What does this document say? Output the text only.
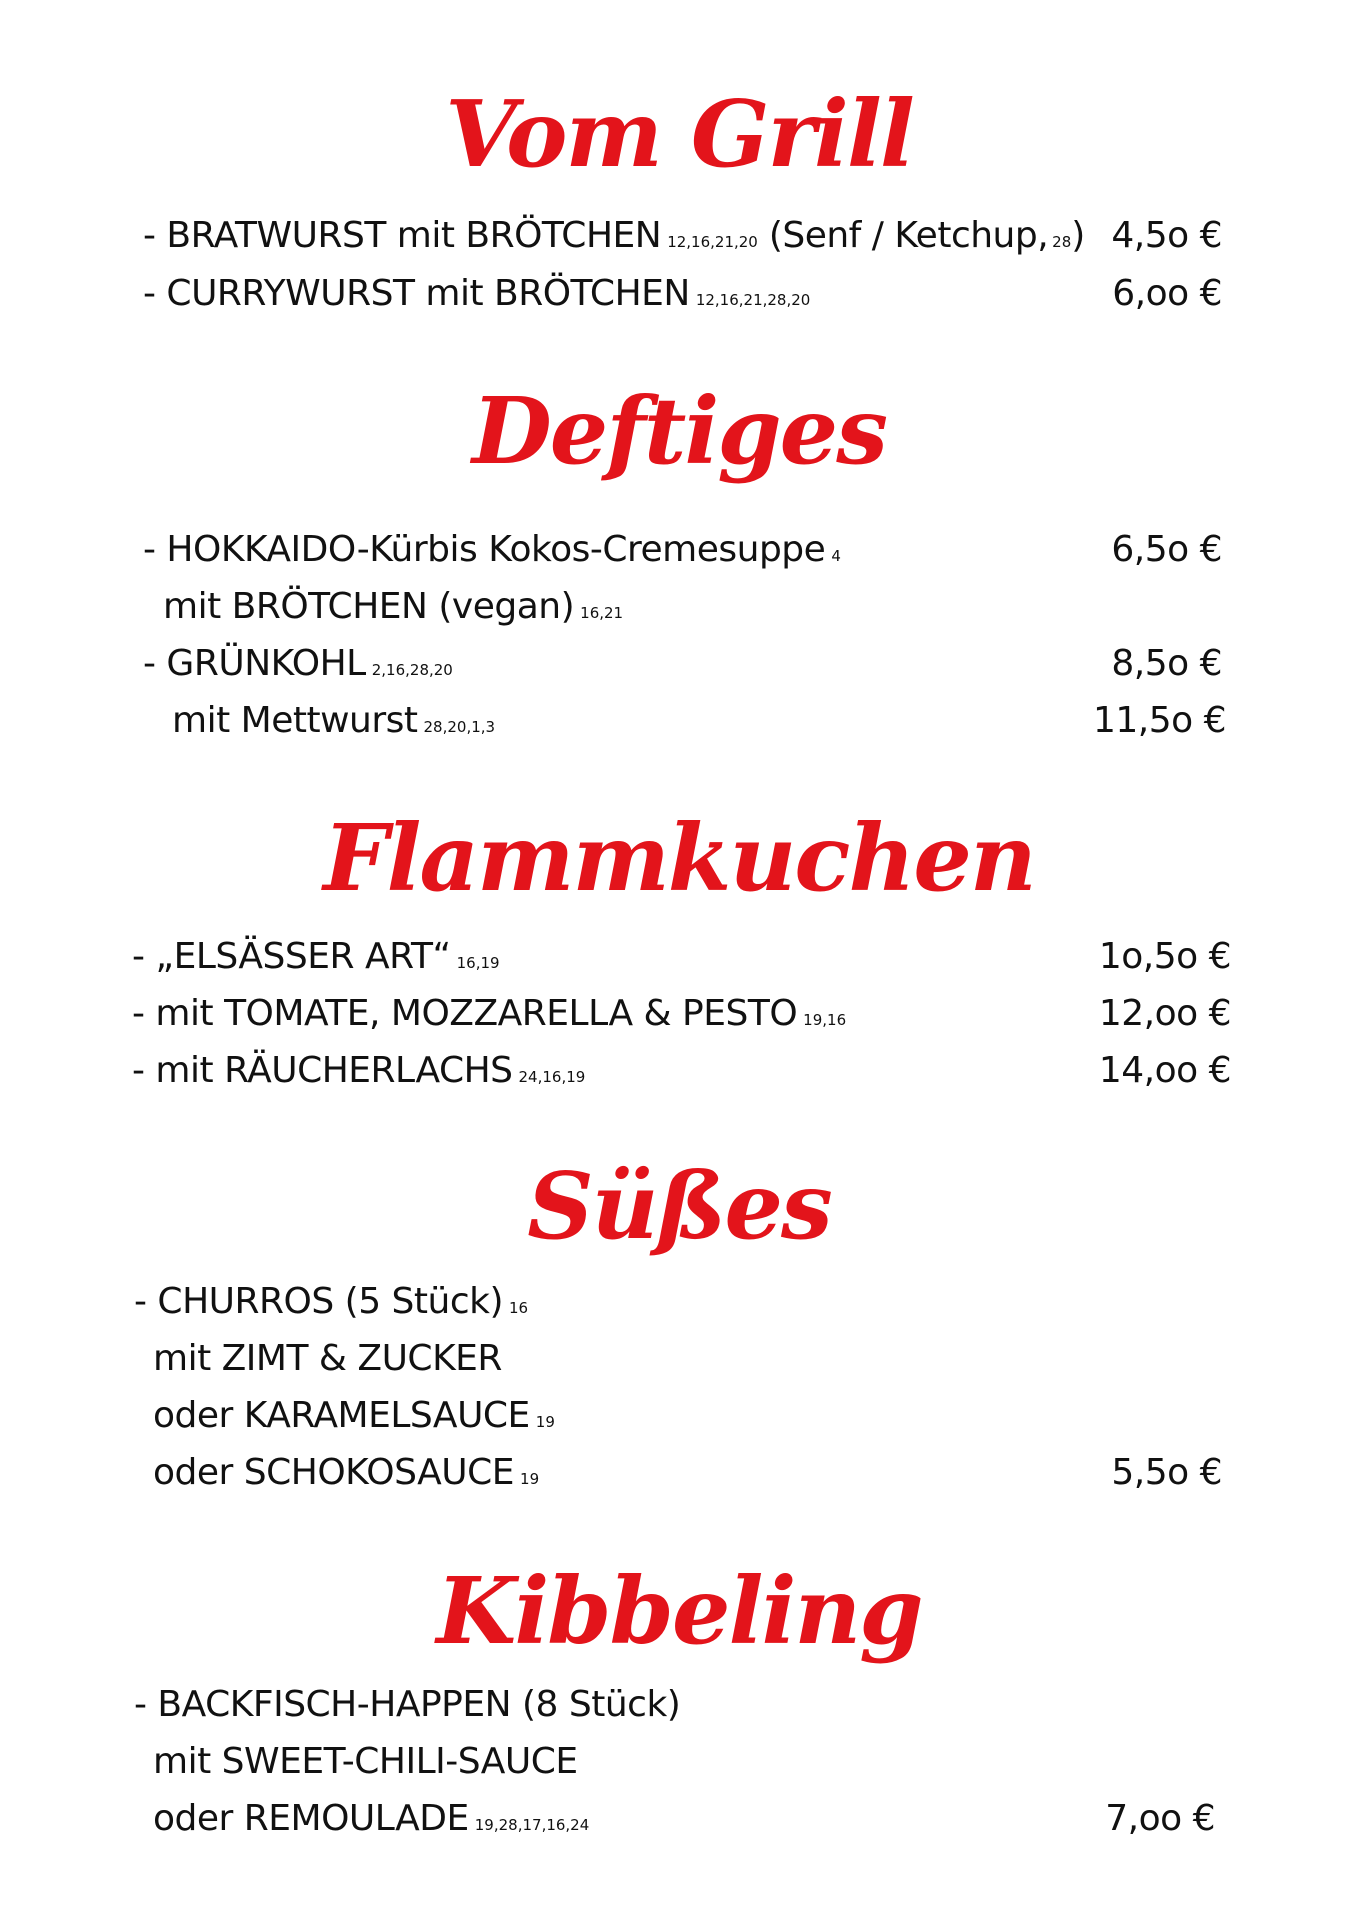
Vom Grill
- BRATWURST mit BRÖTCHEN 12,16,21,20 (Senf / Ketchup, 28) 4,5o €
- CURRYWURST mit BRÖTCHEN 12,16,21,28,20	6,oo €
Deftiges
- HOKKAIDO-Kürbis Kokos-Cremesuppe 4	6,5o €
mit BRÖTCHEN (vegan) 16,21
- GRÜNKOHL 2,16,28,20	8,5o €
mit Mettwurst 28,20,1,3	11,5o €
Flammkuchen
- „ELSÄSSER ART“ 16,19	1o,5o €
- mit TOMATE, MOZZARELLA & PESTO 19,16	12,oo €
- mit RÄUCHERLACHS 24,16,19	14,oo €
Süßes
- CHURROS (5 Stück) 16
mit ZIMT & ZUCKER
oder KARAMELSAUCE 19
oder SCHOKOSAUCE 19	5,5o €
Kibbeling
- BACKFISCH-HAPPEN (8 Stück)
mit SWEET-CHILI-SAUCE
oder REMOULADE 19,28,17,16,24	7,oo €
